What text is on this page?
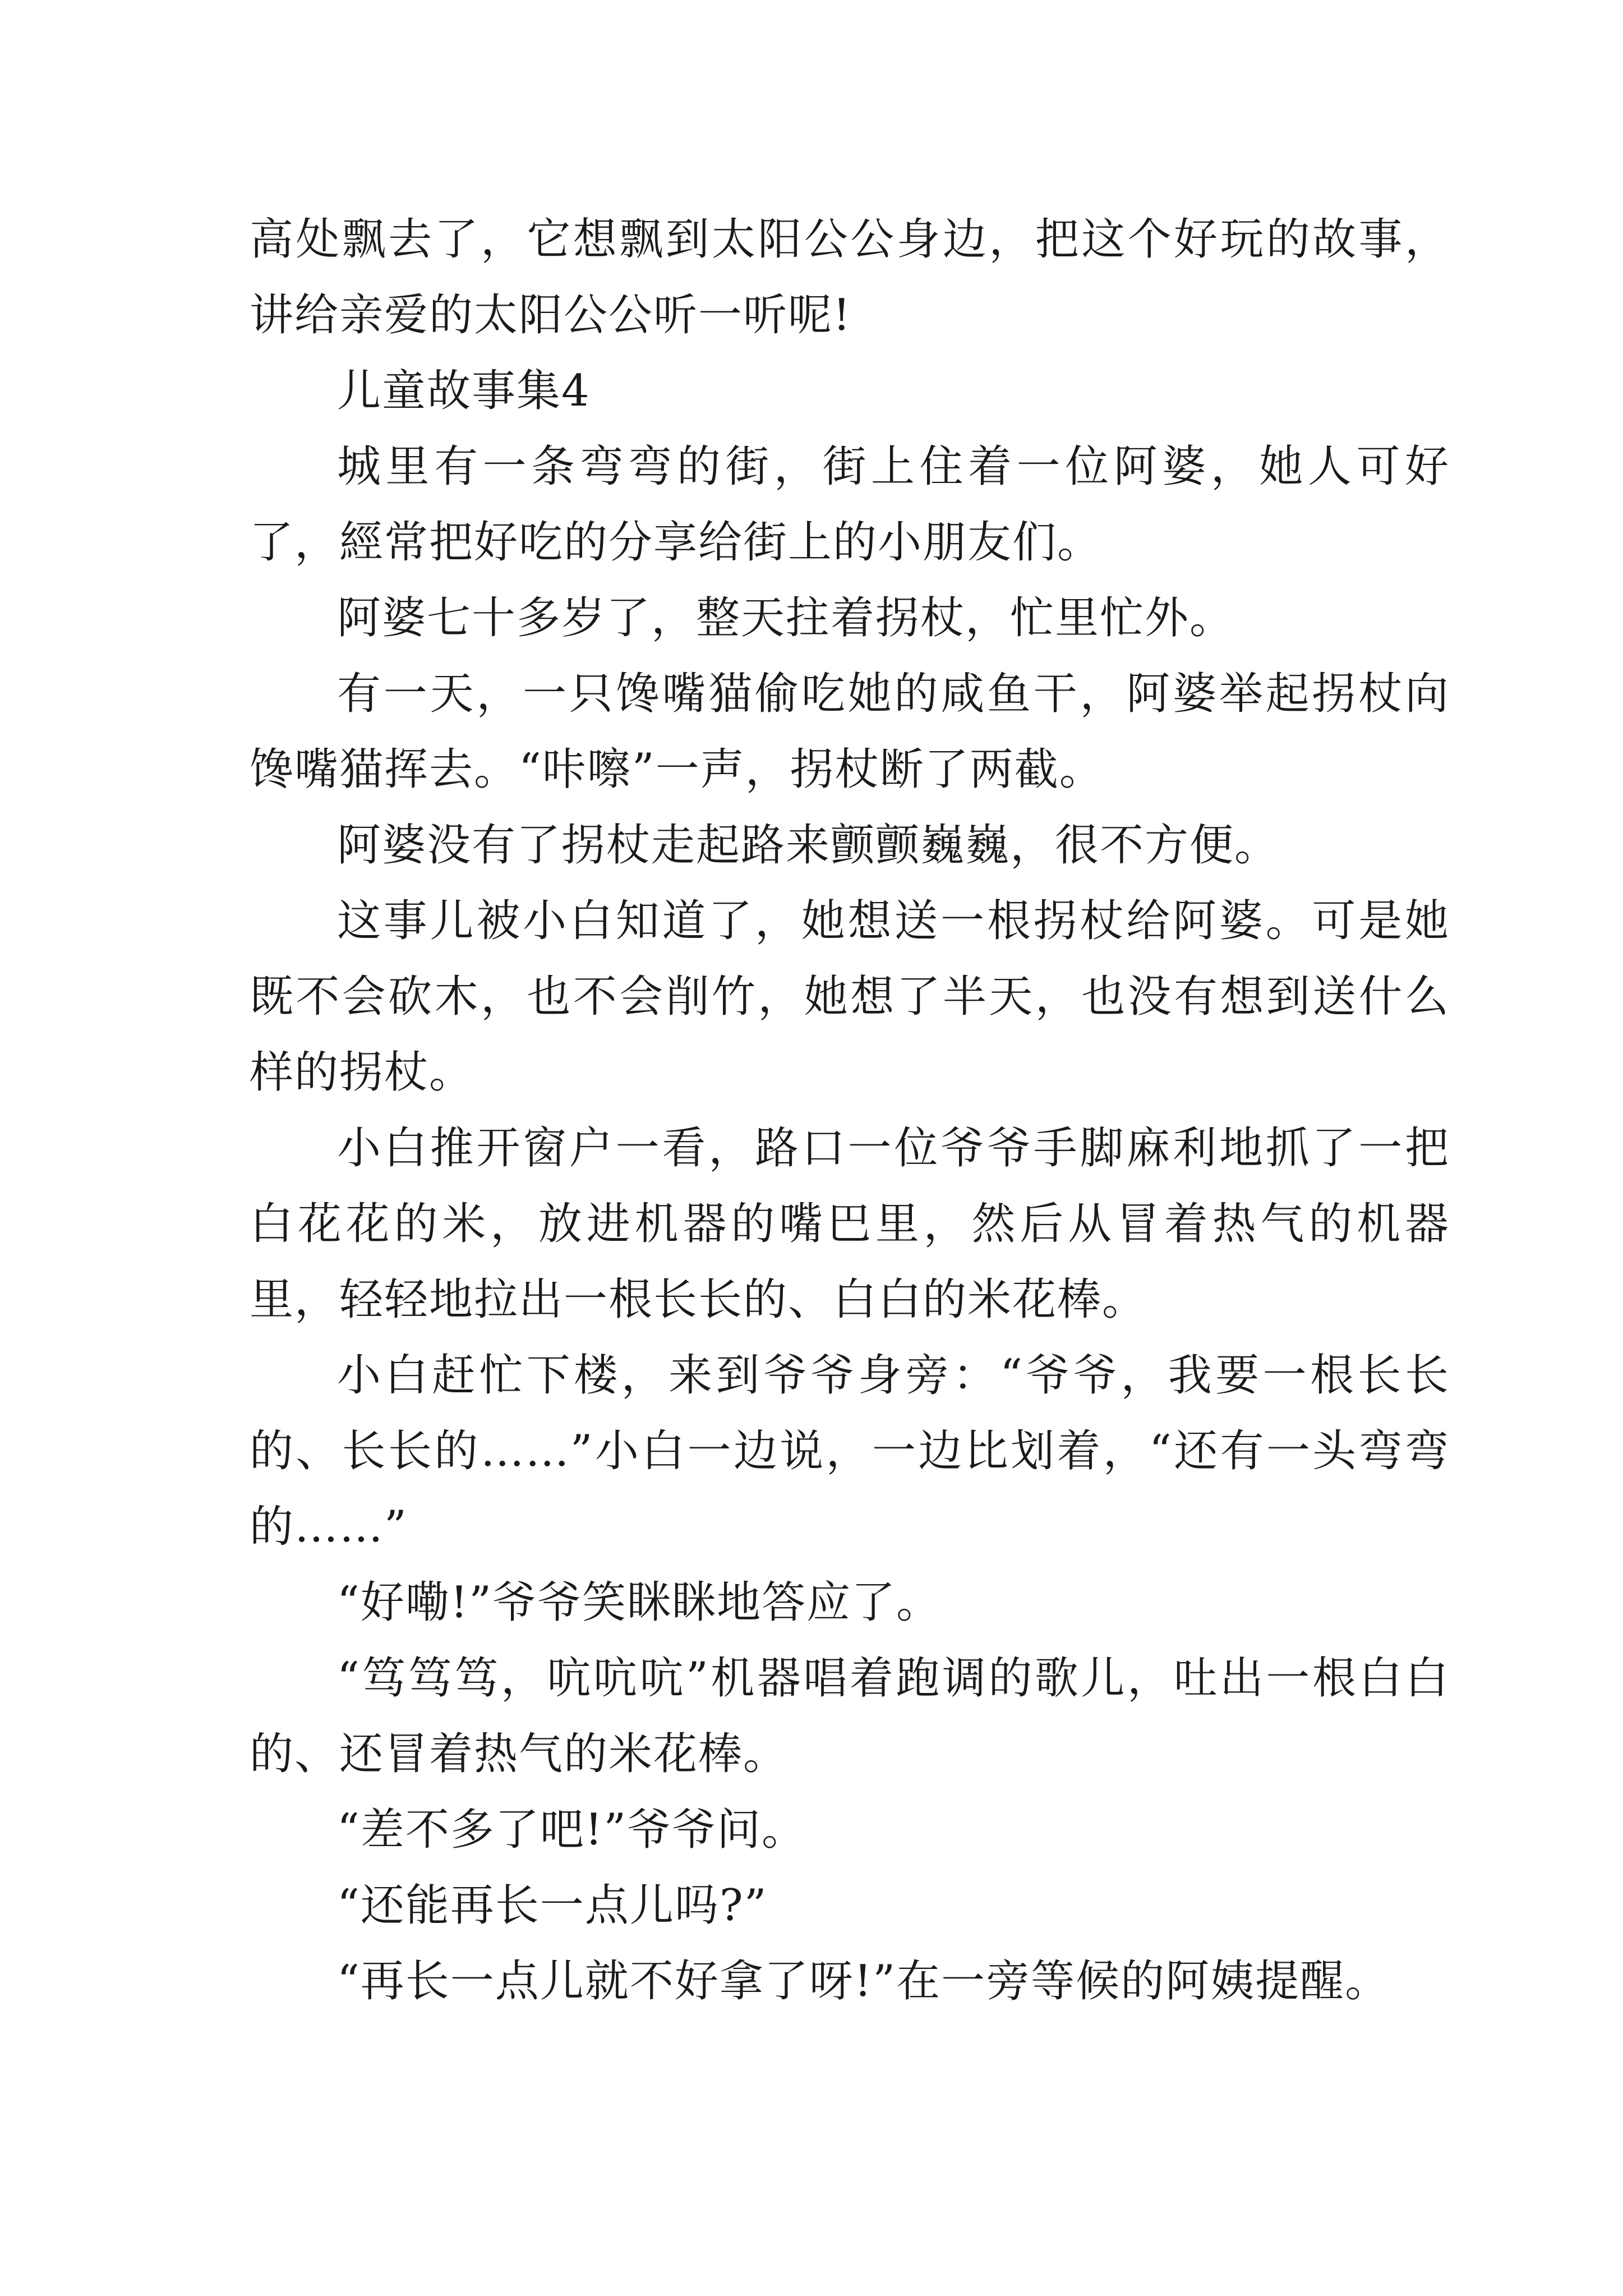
高处飘去了，它想飘到太阳公公身边，把这个好玩的故事，讲给亲爱的太阳公公听一听呢!

儿童故事集4

城里有一条弯弯的街，街上住着一位阿婆，她人可好了，經常把好吃的分享给街上的小朋友们。

阿婆七十多岁了，整天拄着拐杖，忙里忙外。

有一天，一只馋嘴猫偷吃她的咸鱼干，阿婆举起拐杖向馋嘴猫挥去。“咔嚓”一声，拐杖断了两截。

阿婆没有了拐杖走起路来颤颤巍巍，很不方便。

这事儿被小白知道了，她想送一根拐杖给阿婆。可是她既不会砍木，也不会削竹，她想了半天，也没有想到送什么样的拐杖。

小白推开窗户一看，路口一位爷爷手脚麻利地抓了一把白花花的米，放进机器的嘴巴里，然后从冒着热气的机器里，轻轻地拉出一根长长的、白白的米花棒。

小白赶忙下楼，来到爷爷身旁：“爷爷，我要一根长长的、长长的……”小白一边说，一边比划着，“还有一头弯弯的……”

“好嘞!”爷爷笑眯眯地答应了。

“笃笃笃，吭吭吭”机器唱着跑调的歌儿，吐出一根白白的、还冒着热气的米花棒。

“差不多了吧!”爷爷问。

“还能再长一点儿吗?”

“再长一点儿就不好拿了呀!”在一旁等候的阿姨提醒。
